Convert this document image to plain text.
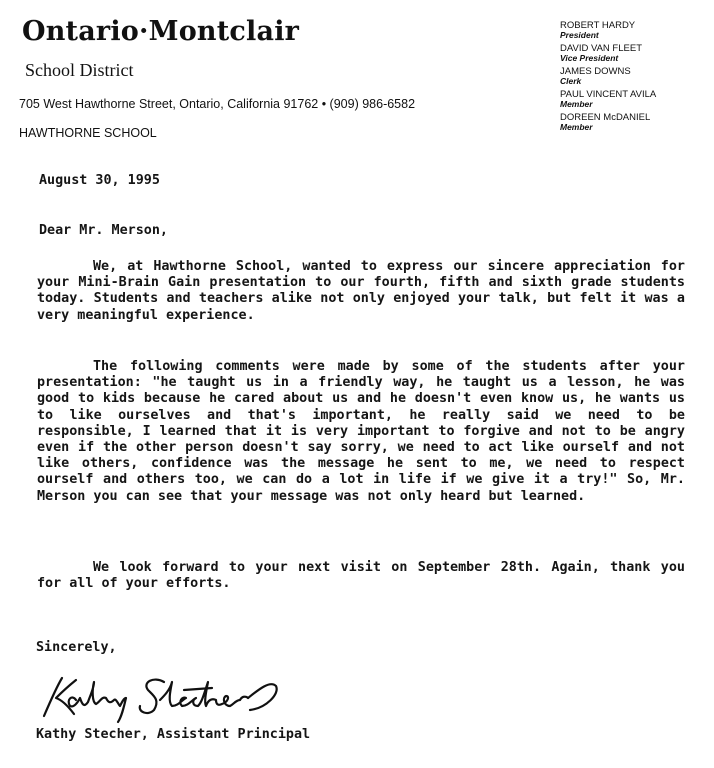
Ontario·Montclair
School District
705 West Hawthorne Street, Ontario, California 91762 • (909) 986-6582
HAWTHORNE SCHOOL
ROBERT HARDY
President
DAVID VAN FLEET
Vice President
JAMES DOWNS
Clerk
PAUL VINCENT AVILA
Member
DOREEN McDANIEL
Member
August 30, 1995
Dear Mr. Merson,

We, at Hawthorne School, wanted to express our sincere appreciation for your Mini-Brain Gain presentation to our fourth, fifth and sixth grade students today. Students and teachers alike not only enjoyed your talk, but felt it was a very meaningful experience.

The following comments were made by some of the students after your presentation: "he taught us in a friendly way, he taught us a lesson, he was good to kids because he cared about us and he doesn't even know us, he wants us to like ourselves and that's important, he really said we need to be responsible, I learned that it is very important to forgive and not to be angry even if the other person doesn't say sorry, we need to act like ourself and not like others, confidence was the message he sent to me, we need to respect ourself and others too, we can do a lot in life if we give it a try!" So, Mr. Merson you can see that your message was not only heard but learned.

We look forward to your next visit on September 28th. Again, thank you for all of your efforts.

Sincerely,
Kathy Stecher, Assistant Principal
